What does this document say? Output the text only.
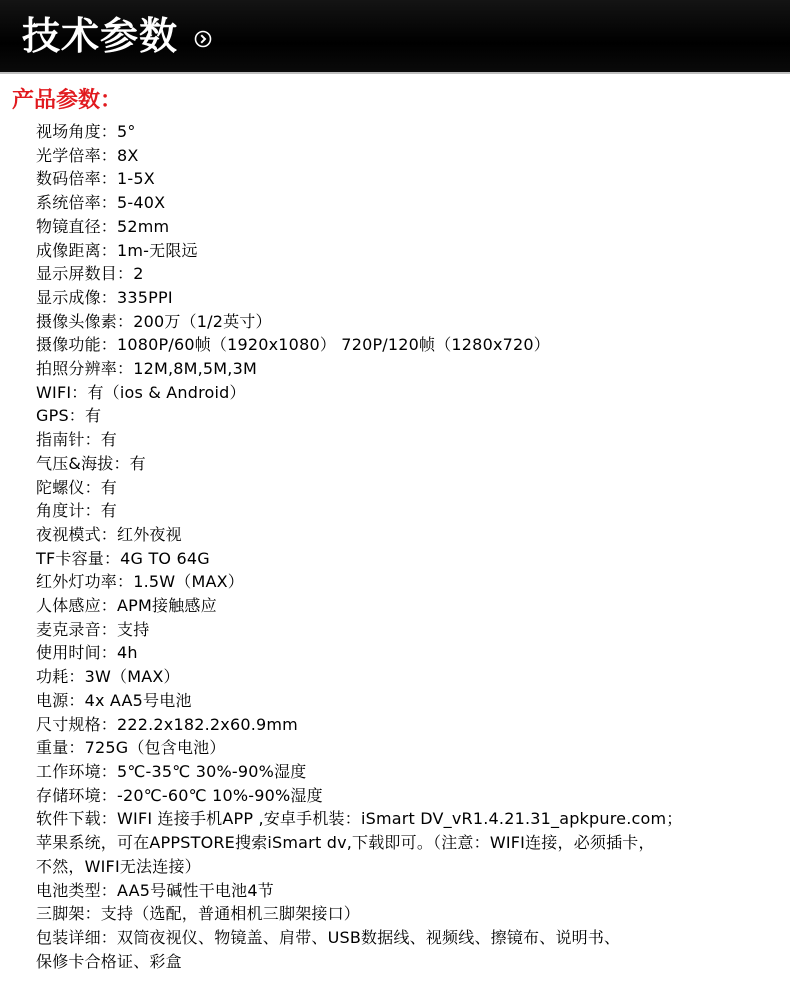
技术参数
产品参数：
视场角度：5°
光学倍率：8X
数码倍率：1-5X
系统倍率：5-40X
物镜直径：52mm
成像距离：1m-无限远
显示屏数目：2
显示成像：335PPI
摄像头像素：200万（1/2英寸）
摄像功能：1080P/60帧（1920x1080） 720P/120帧（1280x720）
拍照分辨率：12M,8M,5M,3M
WIFI：有（ios & Android）
GPS：有
指南针：有
气压&海拔：有
陀螺仪：有
角度计：有
夜视模式：红外夜视
TF卡容量：4G TO 64G
红外灯功率：1.5W（MAX）
人体感应：APM接触感应
麦克录音：支持
使用时间：4h
功耗：3W（MAX）
电源：4x AA5号电池
尺寸规格：222.2x182.2x60.9mm
重量：725G（包含电池）
工作环境：5℃-35℃ 30%-90%湿度
存储环境：-20℃-60℃ 10%-90%湿度
软件下载：WIFI 连接手机APP ,安卓手机装：iSmart DV_vR1.4.21.31_apkpure.com；
苹果系统，可在APPSTORE搜索iSmart dv,下载即可。（注意：WIFI连接，必须插卡，
不然，WIFI无法连接）
电池类型：AA5号碱性干电池4节
三脚架：支持（选配，普通相机三脚架接口）
包装详细：双筒夜视仪、物镜盖、肩带、USB数据线、视频线、擦镜布、说明书、
保修卡合格证、彩盒
